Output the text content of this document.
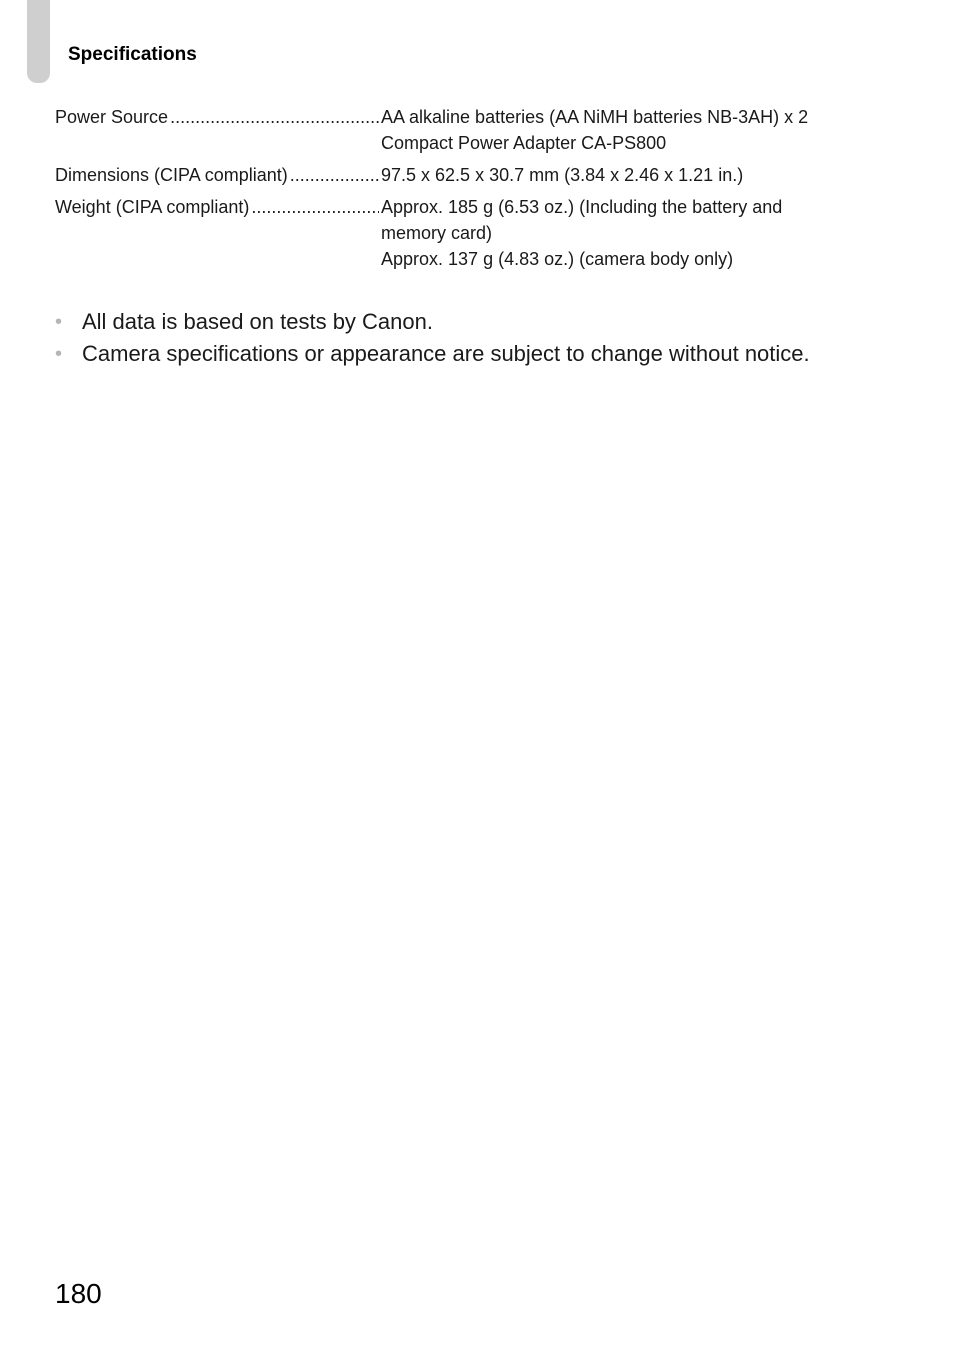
Specifications
Power Source .....	AA alkaline batteries (AA NiMH batteries NB-3AH) x 2
Compact Power Adapter CA-PS800
Dimensions (CIPA compliant) .....	97.5 x 62.5 x 30.7 mm (3.84 x 2.46 x 1.21 in.)
Weight (CIPA compliant) .....	Approx. 185 g (6.53 oz.) (Including the battery and
memory card)
Approx. 137 g (4.83 oz.) (camera body only)
• All data is based on tests by Canon.
• Camera specifications or appearance are subject to change without notice.
180
